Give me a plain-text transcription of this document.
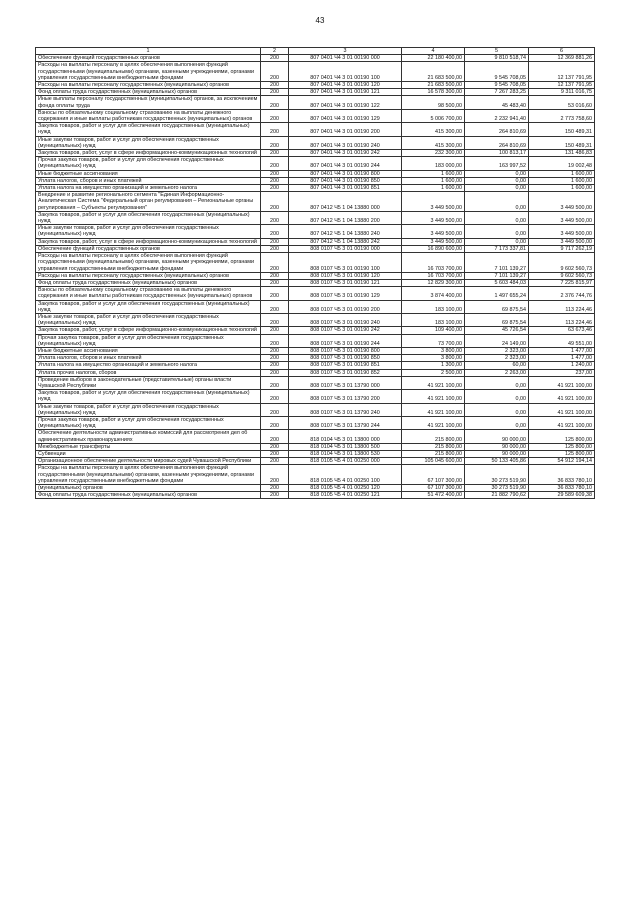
43
1	2	3	4	5	6
Обеспечение функций государственных органов	200	807 0401 Ч4 3 01 00190 000	22 180 400,00	9 810 518,74	12 369 881,26
Расходы на выплаты персоналу в целях обеспечения выполнения функций государственными (муниципальными) органами, казенными учреждениями, органами управления государственными внебюджетными фондами	200	807 0401 Ч4 3 01 00190 100	21 683 500,00	9 545 708,05	12 137 791,95
Расходы на выплаты персоналу государственных (муниципальных) органов	200	807 0401 Ч4 3 01 00190 120	21 683 500,00	9 545 708,05	12 137 791,95
Фонд оплаты труда государственных (муниципальных) органов	200	807 0401 Ч4 3 01 00190 121	16 578 300,00	7 267 283,25	9 311 016,75
Иные выплаты персоналу государственных (муниципальных) органов, за исключением фонда оплаты труда	200	807 0401 Ч4 3 01 00190 122	98 500,00	45 483,40	53 016,60
Взносы по обязательному социальному страхованию на выплаты денежного содержания и иные выплаты работникам государственных (муниципальных) органов	200	807 0401 Ч4 3 01 00190 129	5 006 700,00	2 232 941,40	2 773 758,60
Закупка товаров, работ и услуг для обеспечения государственных (муниципальных) нужд	200	807 0401 Ч4 3 01 00190 200	415 300,00	264 810,69	150 489,31
Иные закупки товаров, работ и услуг для обеспечения государственных (муниципальных) нужд	200	807 0401 Ч4 3 01 00190 240	415 300,00	264 810,69	150 489,31
Закупка товаров, работ, услуг в сфере информационно-коммуникационных технологий	200	807 0401 Ч4 3 01 00190 242	232 300,00	100 813,17	131 486,83
Прочая закупка товаров, работ и услуг для обеспечения государственных (муниципальных) нужд	200	807 0401 Ч4 3 01 00190 244	183 000,00	163 997,52	19 002,48
Иные бюджетные ассигнования	200	807 0401 Ч4 3 01 00190 800	1 600,00	0,00	1 600,00
Уплата налогов, сборов и иных платежей	200	807 0401 Ч4 3 01 00190 850	1 600,00	0,00	1 600,00
Уплата налога на имущество организаций и земельного налога	200	807 0401 Ч4 3 01 00190 851	1 600,00	0,00	1 600,00
Внедрение и развитие регионального сегмента "Единая Информационно-Аналитическая Система "Федеральный орган регулирования – Региональные органы регулирования – Субъекты регулирования"	200	807 0412 Ч5 1 04 13880 000	3 449 500,00	0,00	3 449 500,00
Закупка товаров, работ и услуг для обеспечения государственных (муниципальных) нужд	200	807 0412 Ч5 1 04 13880 200	3 449 500,00	0,00	3 449 500,00
Иные закупки товаров, работ и услуг для обеспечения государственных (муниципальных) нужд	200	807 0412 Ч5 1 04 13880 240	3 449 500,00	0,00	3 449 500,00
Закупка товаров, работ, услуг в сфере информационно-коммуникационных технологий	200	807 0412 Ч5 1 04 13880 242	3 449 500,00	0,00	3 449 500,00
Обеспечение функций государственных органов	200	808 0107 Ч5 3 01 00190 000	16 890 600,00	7 173 337,81	9 717 262,19
Расходы на выплаты персоналу в целях обеспечения выполнения функций государственными (муниципальными) органами, казенными учреждениями, органами управления государственными внебюджетными фондами	200	808 0107 Ч5 3 01 00190 100	16 703 700,00	7 101 139,27	9 602 560,73
Расходы на выплаты персоналу государственных (муниципальных) органов	200	808 0107 Ч5 3 01 00190 120	16 703 700,00	7 101 139,27	9 602 560,73
Фонд оплаты труда государственных (муниципальных) органов	200	808 0107 Ч5 3 01 00190 121	12 829 300,00	5 603 484,03	7 225 815,97
Взносы по обязательному социальному страхованию на выплаты денежного содержания и иные выплаты работникам государственных (муниципальных) органов	200	808 0107 Ч5 3 01 00190 129	3 874 400,00	1 497 655,24	2 376 744,76
Закупка товаров, работ и услуг для обеспечения государственных (муниципальных) нужд	200	808 0107 Ч5 3 01 00190 200	183 100,00	69 875,54	113 224,46
Иные закупки товаров, работ и услуг для обеспечения государственных (муниципальных) нужд	200	808 0107 Ч5 3 01 00190 240	183 100,00	69 875,54	113 224,46
Закупка товаров, работ, услуг в сфере информационно-коммуникационных технологий	200	808 0107 Ч5 3 01 00190 242	109 400,00	45 726,54	63 673,46
Прочая закупка товаров, работ и услуг для обеспечения государственных (муниципальных) нужд	200	808 0107 Ч5 3 01 00190 244	73 700,00	24 149,00	49 551,00
Иные бюджетные ассигнования	200	808 0107 Ч5 3 01 00190 800	3 800,00	2 323,00	1 477,00
Уплата налогов, сборов и иных платежей	200	808 0107 Ч5 3 01 00190 850	3 800,00	2 323,00	1 477,00
Уплата налога на имущество организаций и земельного налога	200	808 0107 Ч5 3 01 00190 851	1 300,00	60,00	1 240,00
Уплата прочих налогов, сборов	200	808 0107 Ч5 3 01 00190 852	2 500,00	2 263,00	237,00
Проведение выборов в законодательные (представительные) органы власти Чувашской Республики	200	808 0107 Ч5 3 01 13790 000	41 921 100,00	0,00	41 921 100,00
Закупка товаров, работ и услуг для обеспечения государственных (муниципальных) нужд	200	808 0107 Ч5 3 01 13790 200	41 921 100,00	0,00	41 921 100,00
Иные закупки товаров, работ и услуг для обеспечения государственных (муниципальных) нужд	200	808 0107 Ч5 3 01 13790 240	41 921 100,00	0,00	41 921 100,00
Прочая закупка товаров, работ и услуг для обеспечения государственных (муниципальных) нужд	200	808 0107 Ч5 3 01 13790 244	41 921 100,00	0,00	41 921 100,00
Обеспечение деятельности административных комиссий для рассмотрения дел об административных правонарушениях	200	818 0104 Ч5 3 01 13800 000	215 800,00	90 000,00	125 800,00
Межбюджетные трансферты	200	818 0104 Ч5 3 01 13800 500	215 800,00	90 000,00	125 800,00
Субвенции	200	818 0104 Ч5 3 01 13800 530	215 800,00	90 000,00	125 800,00
Организационное обеспечение деятельности мировых судей Чувашской Республики	200	818 0105 Ч5 4 01 00250 000	105 045 600,00	50 133 405,86	54 912 194,14
Расходы на выплаты персоналу в целях обеспечения выполнения функций государственными (муниципальными) органами, казенными учреждениями, органами управления государственными внебюджетными фондами	200	818 0105 Ч5 4 01 00250 100	67 107 300,00	30 273 519,90	36 833 780,10
(муниципальных) органов	200	818 0105 Ч5 4 01 00250 120	67 107 300,00	30 273 519,90	36 833 780,10
Фонд оплаты труда государственных (муниципальных) органов	200	818 0105 Ч5 4 01 00250 121	51 472 400,00	21 882 790,62	29 589 609,38
